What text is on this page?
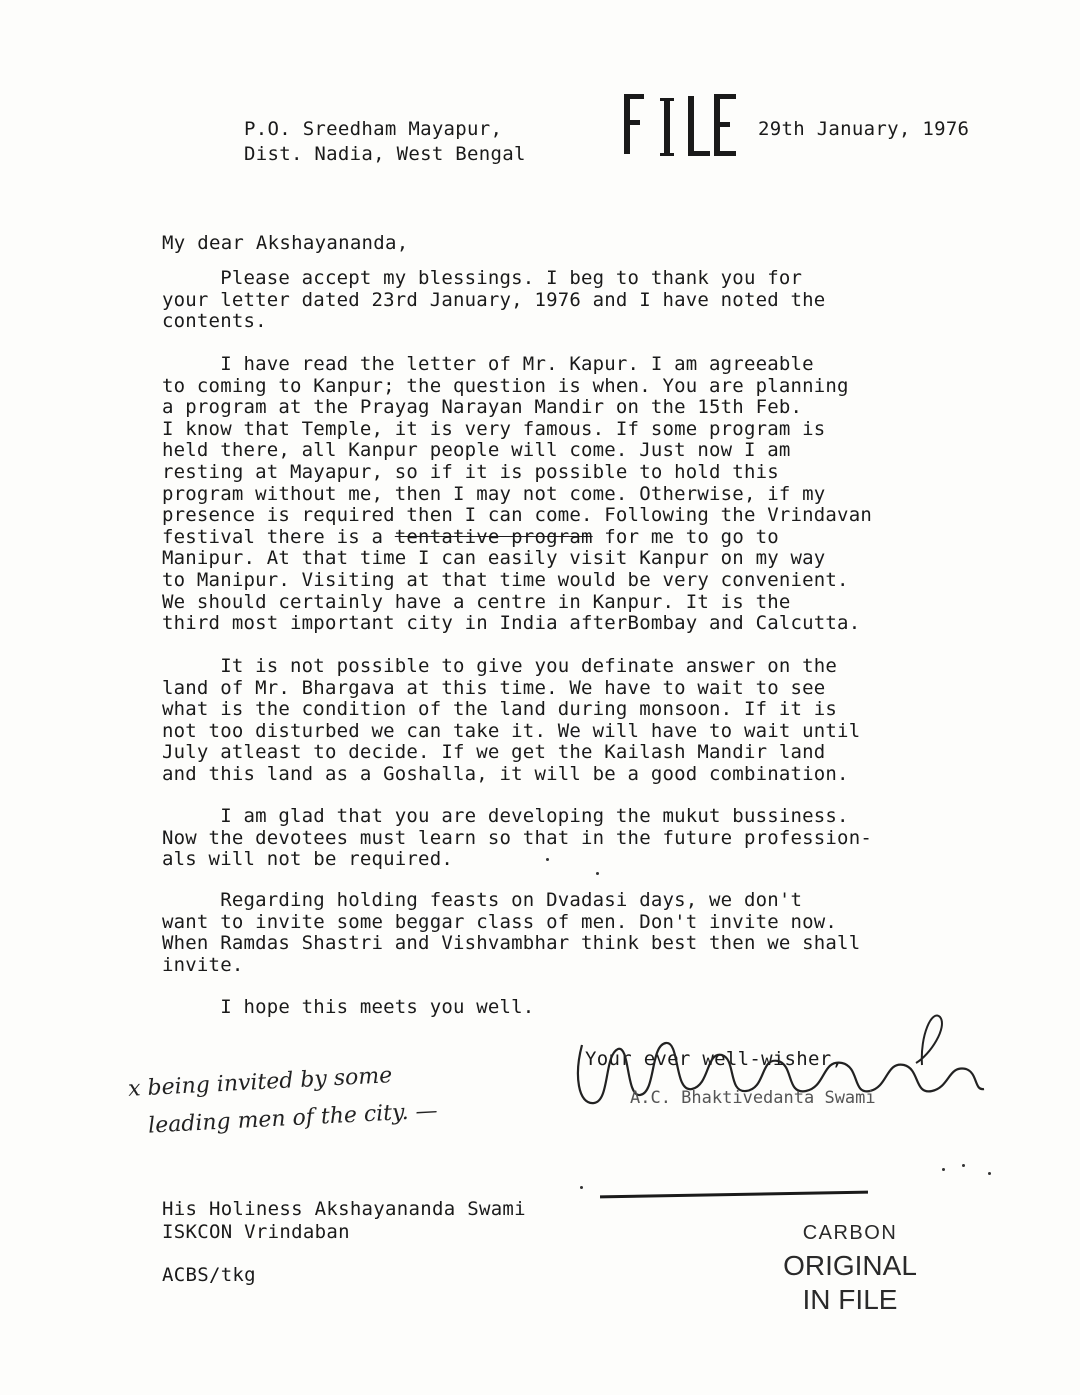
P.O. Sreedham Mayapur,
Dist. Nadia, West Bengal
29th January, 1976
My dear Akshayananda,
Please accept my blessings. I beg to thank you for
your letter dated 23rd January, 1976 and I have noted the
contents.
I have read the letter of Mr. Kapur. I am agreeable
to coming to Kanpur; the question is when. You are planning
a program at the Prayag Narayan Mandir on the 15th Feb.
I know that Temple, it is very famous. If some program is
held there, all Kanpur people will come. Just now I am
resting at Mayapur, so if it is possible to hold this
program without me, then I may not come. Otherwise, if my
presence is required then I can come. Following the Vrindavan
festival there is a tentative program for me to go to
Manipur. At that time I can easily visit Kanpur on my way
to Manipur. Visiting at that time would be very convenient.
We should certainly have a centre in Kanpur. It is the
third most important city in India afterBombay and Calcutta.
It is not possible to give you definate answer on the
land of Mr. Bhargava at this time. We have to wait to see
what is the condition of the land during monsoon. If it is
not too disturbed we can take it. We will have to wait until
July atleast to decide. If we get the Kailash Mandir land
and this land as a Goshalla, it will be a good combination.
I am glad that you are developing the mukut bussiness.
Now the devotees must learn so that in the future profession-
als will not be required.
Regarding holding feasts on Dvadasi days, we don't
want to invite some beggar class of men. Don't invite now.
When Ramdas Shastri and Vishvambhar think best then we shall
invite.
I hope this meets you well.
Your ever well-wisher,
A.C. Bhaktivedanta Swami
x being invited by some
leading men of the city. —
His Holiness Akshayananda Swami
ISKCON Vrindaban
ACBS/tkg
CARBON
ORIGINAL
IN FILE
